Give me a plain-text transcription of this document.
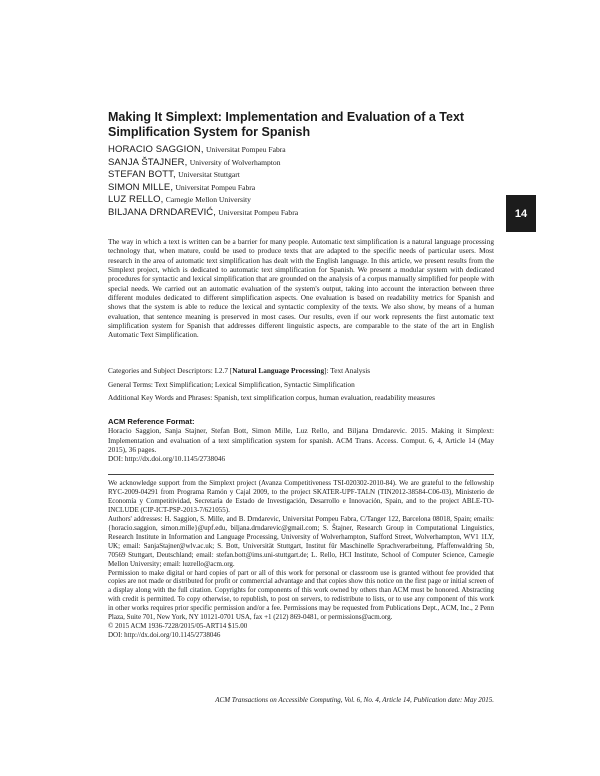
Making It Simplext: Implementation and Evaluation of a Text Simplification System for Spanish
HORACIO SAGGION, Universitat Pompeu Fabra
SANJA ŠTAJNER, University of Wolverhampton
STEFAN BOTT, Universitat Stuttgart
SIMON MILLE, Universitat Pompeu Fabra
LUZ RELLO, Carnegie Mellon University
BILJANA DRNDAREVIĆ, Universitat Pompeu Fabra	14

The way in which a text is written can be a barrier for many people. Automatic text simplification is a natural language processing technology that, when mature, could be used to produce texts that are adapted to the specific needs of particular users. Most research in the area of automatic text simplification has dealt with the English language. In this article, we present results from the Simplext project, which is dedicated to automatic text simplification for Spanish. We present a modular system with dedicated procedures for syntactic and lexical simplification that are grounded on the analysis of a corpus manually simplified for people with special needs. We carried out an automatic evaluation of the system's output, taking into account the interaction between three different modules dedicated to different simplification aspects. One evaluation is based on readability metrics for Spanish and shows that the system is able to reduce the lexical and syntactic complexity of the texts. We also show, by means of a human evaluation, that sentence meaning is preserved in most cases. Our results, even if our work represents the first automatic text simplification system for Spanish that addresses different linguistic aspects, are comparable to the state of the art in English Automatic Text Simplification.

Categories and Subject Descriptors: I.2.7 [Natural Language Processing]: Text Analysis

General Terms: Text Simplification; Lexical Simplification, Syntactic Simplification

Additional Key Words and Phrases: Spanish, text simplification corpus, human evaluation, readability measures

ACM Reference Format:

Horacio Saggion, Sanja Stajner, Stefan Bott, Simon Mille, Luz Rello, and Biljana Drndarevic. 2015. Making it Simplext: Implementation and evaluation of a text simplification system for spanish. ACM Trans. Access. Comput. 6, 4, Article 14 (May 2015), 36 pages.

DOI: http://dx.doi.org/10.1145/2738046

We acknowledge support from the Simplext project (Avanza Competitiveness TSI-020302-2010-84). We are grateful to the fellowship RYC-2009-04291 from Programa Ramón y Cajal 2009, to the project SKATER-UPF-TALN (TIN2012-38584-C06-03), Ministerio de Economía y Competitividad, Secretaría de Estado de Investigación, Desarrollo e Innovación, Spain, and to the project ABLE-TO-INCLUDE (CIP-ICT-PSP-2013-7/621055).

Authors' addresses: H. Saggion, S. Mille, and B. Drndarevic, Universitat Pompeu Fabra, C/Tanger 122, Barcelona 08018, Spain; emails: {horacio.saggion, simon.mille}@upf.edu, biljana.drndarevic@gmail.com; S. Štajner, Research Group in Computational Linguistics, Research Institute in Information and Language Processing, University of Wolverhampton, Stafford Street, Wolverhampton, WV1 1LY, UK; email: SanjaStajner@wlv.ac.uk; S. Bott, Universität Stuttgart, Institut für Maschinelle Sprachverarbeitung, Pfaffenwaldring 5b, 70569 Stuttgart, Deutschland; email: stefan.bott@ims.uni-stuttgart.de; L. Rello, HCI Institute, School of Computer Science, Carnegie Mellon University; email: luzrello@acm.org.

Permission to make digital or hard copies of part or all of this work for personal or classroom use is granted without fee provided that copies are not made or distributed for profit or commercial advantage and that copies show this notice on the first page or initial screen of a display along with the full citation. Copyrights for components of this work owned by others than ACM must be honored. Abstracting with credit is permitted. To copy otherwise, to republish, to post on servers, to redistribute to lists, or to use any component of this work in other works requires prior specific permission and/or a fee. Permissions may be requested from Publications Dept., ACM, Inc., 2 Penn Plaza, Suite 701, New York, NY 10121-0701 USA, fax +1 (212) 869-0481, or permissions@acm.org.

© 2015 ACM 1936-7228/2015/05-ART14 $15.00

DOI: http://dx.doi.org/10.1145/2738046

ACM Transactions on Accessible Computing, Vol. 6, No. 4, Article 14, Publication date: May 2015.
